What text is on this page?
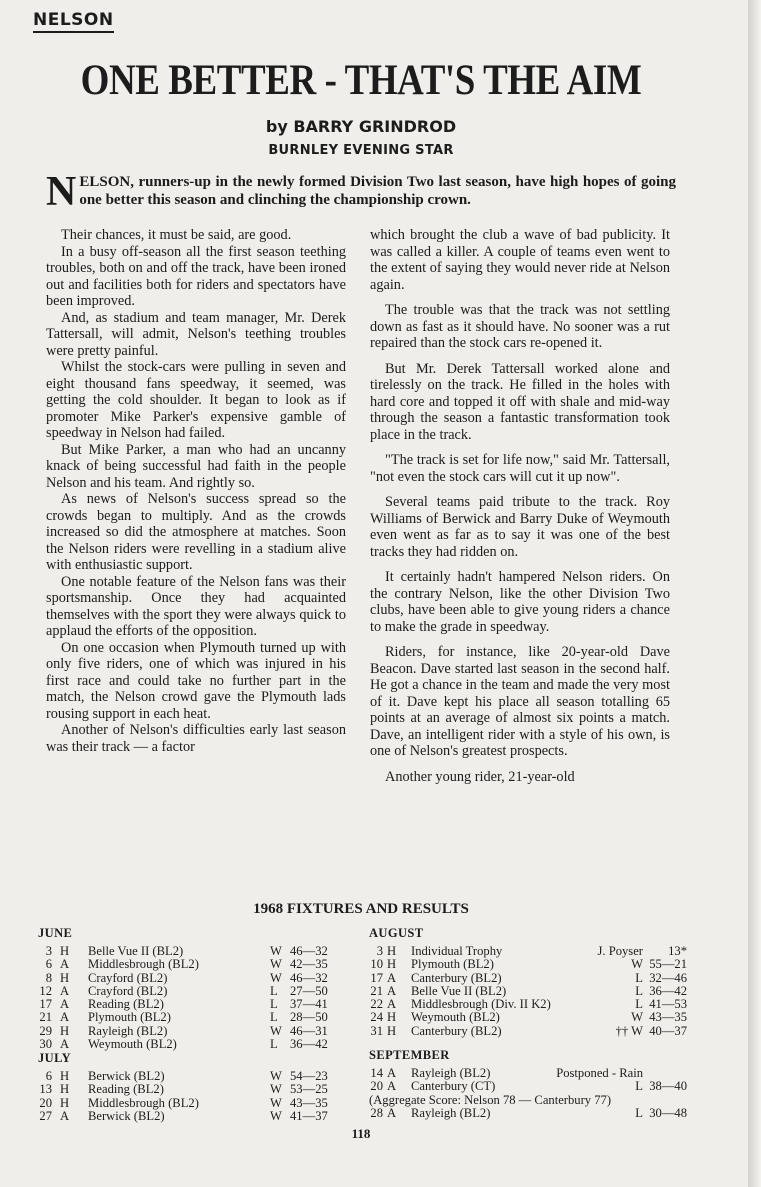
NELSON
ONE BETTER - THAT'S THE AIM
by BARRY GRINDROD
BURNLEY EVENING STAR
NELSON, runners-up in the newly formed Division Two last season, have high hopes of going one better this season and clinching the championship crown.

Their chances, it must be said, are good.

In a busy off-season all the first season teething troubles, both on and off the track, have been ironed out and facilities both for riders and spectators have been improved.

And, as stadium and team manager, Mr. Derek Tattersall, will admit, Nelson's teething troubles were pretty painful.

Whilst the stock-cars were pulling in seven and eight thousand fans speedway, it seemed, was getting the cold shoulder. It began to look as if promoter Mike Parker's expensive gamble of speedway in Nelson had failed.

But Mike Parker, a man who had an uncanny knack of being successful had faith in the people Nelson and his team. And rightly so.

As news of Nelson's success spread so the crowds began to multiply. And as the crowds increased so did the atmosphere at matches. Soon the Nelson riders were revelling in a stadium alive with enthusiastic support.

One notable feature of the Nelson fans was their sportsmanship. Once they had acquainted themselves with the sport they were always quick to applaud the efforts of the opposition.

On one occasion when Plymouth turned up with only five riders, one of which was injured in his first race and could take no further part in the match, the Nelson crowd gave the Plymouth lads rousing support in each heat.

Another of Nelson's difficulties early last season was their track — a factor

which brought the club a wave of bad publicity. It was called a killer. A couple of teams even went to the extent of saying they would never ride at Nelson again.

The trouble was that the track was not settling down as fast as it should have. No sooner was a rut repaired than the stock cars re-opened it.

But Mr. Derek Tattersall worked alone and tirelessly on the track. He filled in the holes with hard core and topped it off with shale and mid-way through the season a fantastic transformation took place in the track.

"The track is set for life now," said Mr. Tattersall, "not even the stock cars will cut it up now".

Several teams paid tribute to the track. Roy Williams of Berwick and Barry Duke of Weymouth even went as far as to say it was one of the best tracks they had ridden on.

It certainly hadn't hampered Nelson riders. On the contrary Nelson, like the other Division Two clubs, have been able to give young riders a chance to make the grade in speedway.

Riders, for instance, like 20-year-old Dave Beacon. Dave started last season in the second half. He got a chance in the team and made the very most of it. Dave kept his place all season totalling 65 points at an average of almost six points a match. Dave, an intelligent rider with a style of his own, is one of Nelson's greatest prospects.

Another young rider, 21-year-old

1968 FIXTURES AND RESULTS
JUNE
3 H Belle Vue II (BL2)	W 46—32
6 A Middlesbrough (BL2)	W 42—35
8 H Crayford (BL2)	W 46—32
12 A Crayford (BL2)	L 27—50
17 A Reading (BL2)	L 37—41
21 A Plymouth (BL2)	L 28—50
29 H Rayleigh (BL2)	W 46—31
30 A Weymouth (BL2)	L 36—42
JULY
6 H Berwick (BL2)	W 54—23
13 H Reading (BL2)	W 53—25
20 H Middlesbrough (BL2)	W 43—35
27 A Berwick (BL2)	W 41—37
AUGUST
3 H Individual Trophy	J. Poyser	13*
10 H Plymouth (BL2)	W 55—21
17 A Canterbury (BL2)	L 32—46
21 A Belle Vue II (BL2)	L 36—42
22 A Middlesbrough (Div. II K2)	L 41—53
24 H Weymouth (BL2)	W 43—35
31 H Canterbury (BL2)	†† W 40—37
SEPTEMBER
14 A Rayleigh (BL2)	Postponed - Rain
20 A Canterbury (CT)	L 38—40
(Aggregate Score: Nelson 78 — Canterbury 77)
28 A Rayleigh (BL2)	L 30—48
118
